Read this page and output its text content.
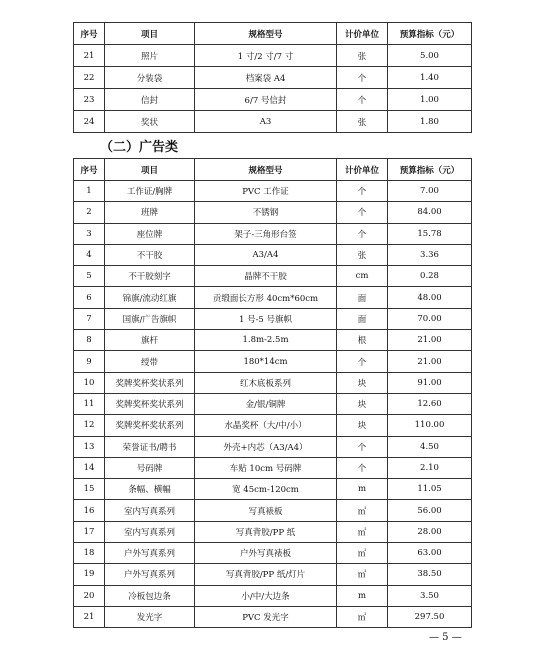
序号	项目	规格型号	计价单位	预算指标（元）
21	照片	1 寸/2 寸/7 寸	张	5.00
22	分装袋	档案袋 A4	个	1.40
23	信封	6/7 号信封	个	1.00
24	奖状	A3	张	1.80
（二）广告类
序号	项目	规格型号	计价单位	预算指标（元）
1	工作证/胸牌	PVC 工作证	个	7.00
2	班牌	不锈钢	个	84.00
3	座位牌	架子-三角形台签	个	15.78
4	不干胶	A3/A4	张	3.36
5	不干胶刻字	晶牌不干胶	cm	0.28
6	锦旗/流动红旗	贡缎面长方形 40cm*60cm	面	48.00
7	国旗/广告旗帜	1 号-5 号旗帜	面	70.00
8	旗杆	1.8m-2.5m	根	21.00
9	绶带	180*14cm	个	21.00
10	奖牌奖杯奖状系列	红木底板系列	块	91.00
11	奖牌奖杯奖状系列	金/银/铜牌	块	12.60
12	奖牌奖杯奖状系列	水晶奖杯（大/中/小）	块	110.00
13	荣誉证书/聘书	外壳+内芯（A3/A4）	个	4.50
14	号码牌	车贴 10cm 号码牌	个	2.10
15	条幅、横幅	宽 45cm-120cm	m	11.05
16	室内写真系列	写真裱板	㎡	56.00
17	室内写真系列	写真背胶/PP 纸	㎡	28.00
18	户外写真系列	户外写真裱板	㎡	63.00
19	户外写真系列	写真背胶/PP 纸/灯片	㎡	38.50
20	冷板包边条	小/中/大边条	m	3.50
21	发光字	PVC 发光字	㎡	297.50
— 5 —
